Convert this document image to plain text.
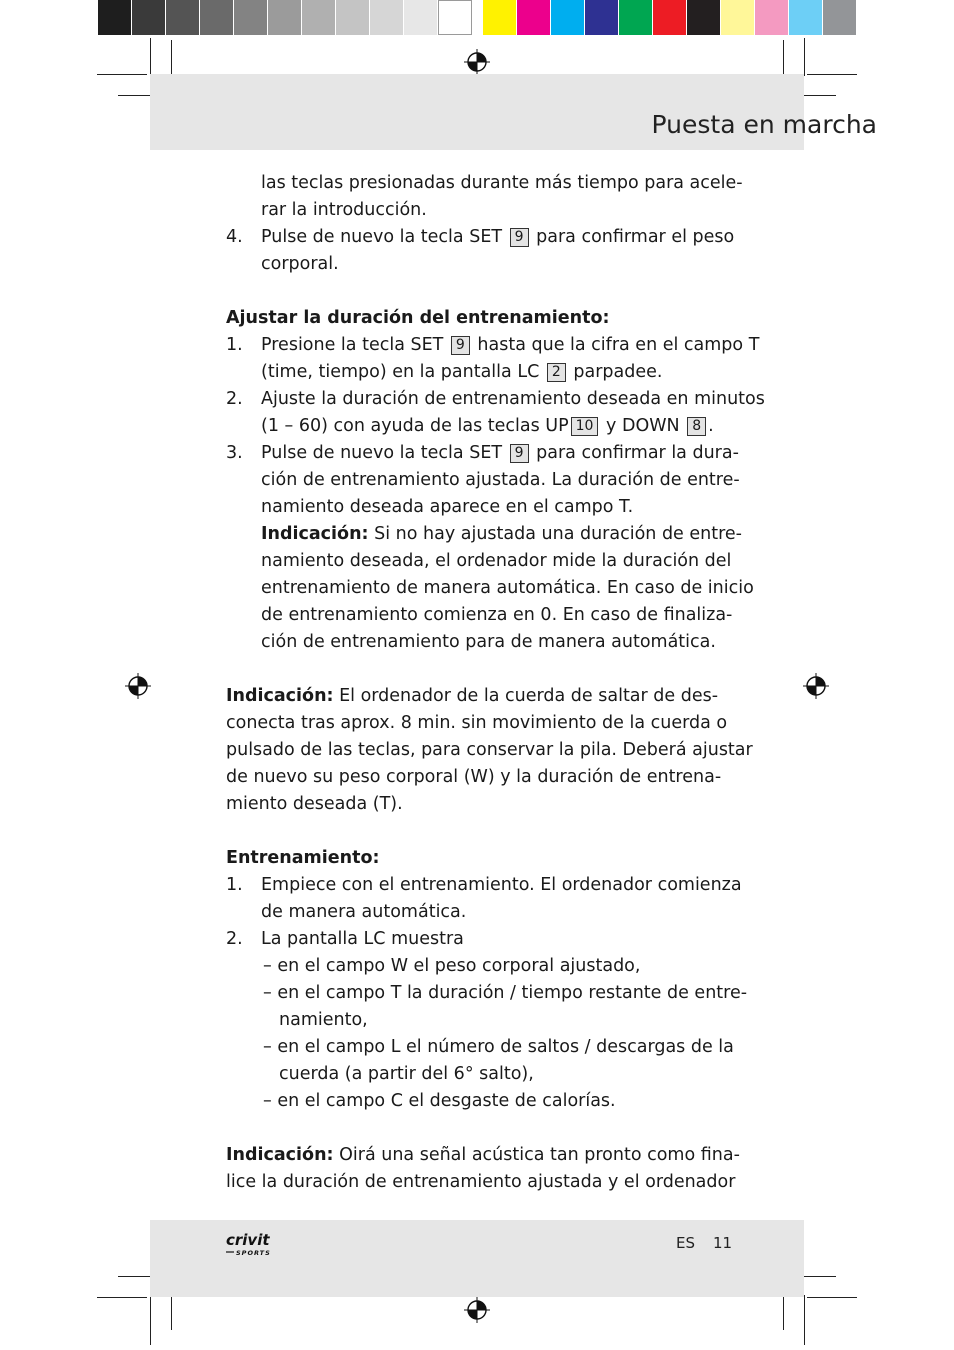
Puesta en marcha
las teclas presionadas durante más tiempo para acele-
rar la introducción.
4. Pulse de nuevo la tecla SET 9 para confirmar el peso
corporal.
Ajustar la duración del entrenamiento:
1. Presione la tecla SET 9 hasta que la cifra en el campo T
(time, tiempo) en la pantalla LC 2 parpadee.
2. Ajuste la duración de entrenamiento deseada en minutos
(1 – 60) con ayuda de las teclas UP 10 y DOWN 8 .
3. Pulse de nuevo la tecla SET 9 para confirmar la dura-
ción de entrenamiento ajustada. La duración de entre-
namiento deseada aparece en el campo T.
Indicación: Si no hay ajustada una duración de entre-
namiento deseada, el ordenador mide la duración del
entrenamiento de manera automática. En caso de inicio
de entrenamiento comienza en 0. En caso de finaliza-
ción de entrenamiento para de manera automática.
Indicación: El ordenador de la cuerda de saltar de des-
conecta tras aprox. 8 min. sin movimiento de la cuerda o
pulsado de las teclas, para conservar la pila. Deberá ajustar
de nuevo su peso corporal (W) y la duración de entrena-
miento deseada (T).
Entrenamiento:
1. Empiece con el entrenamiento. El ordenador comienza
de manera automática.
2. La pantalla LC muestra
– en el campo W el peso corporal ajustado,
– en el campo T la duración / tiempo restante de entre-
namiento,
– en el campo L el número de saltos / descargas de la
cuerda (a partir del 6° salto),
– en el campo C el desgaste de calorías.
Indicación: Oirá una señal acústica tan pronto como fina-
lice la duración de entrenamiento ajustada y el ordenador
crivit
SPORTS
ES 11
